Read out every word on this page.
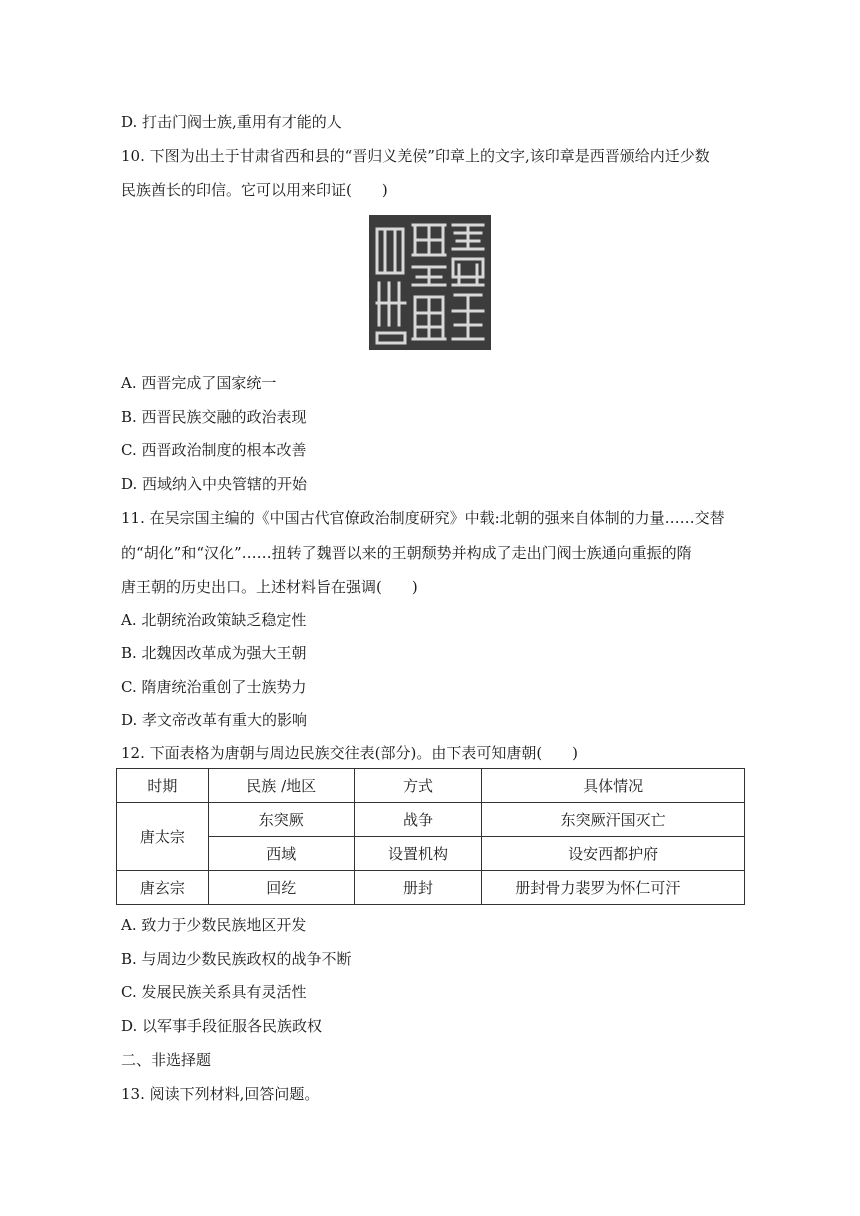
D. 打击门阀士族,重用有才能的人
10. 下图为出土于甘肃省西和县的“晋归义羌侯”印章上的文字,该印章是西晋颁给内迁少数
民族酋长的印信。它可以用来印证(　　)
A. 西晋完成了国家统一
B. 西晋民族交融的政治表现
C. 西晋政治制度的根本改善
D. 西域纳入中央管辖的开始
11. 在吴宗国主编的《中国古代官僚政治制度研究》中载:北朝的强来自体制的力量……交替
的“胡化”和“汉化”……扭转了魏晋以来的王朝颓势并构成了走出门阀士族通向重振的隋
唐王朝的历史出口。上述材料旨在强调(　　)
A. 北朝统治政策缺乏稳定性
B. 北魏因改革成为强大王朝
C. 隋唐统治重创了士族势力
D. 孝文帝改革有重大的影响
12. 下面表格为唐朝与周边民族交往表(部分)。由下表可知唐朝(　　)
时期	民族 /地区	方式	具体情况
唐太宗	东突厥	战争	东突厥汗国灭亡
	西域	设置机构	设安西都护府
唐玄宗	回纥	册封	册封骨力裴罗为怀仁可汗
A. 致力于少数民族地区开发
B. 与周边少数民族政权的战争不断
C. 发展民族关系具有灵活性
D. 以军事手段征服各民族政权
二、非选择题
13. 阅读下列材料,回答问题。
